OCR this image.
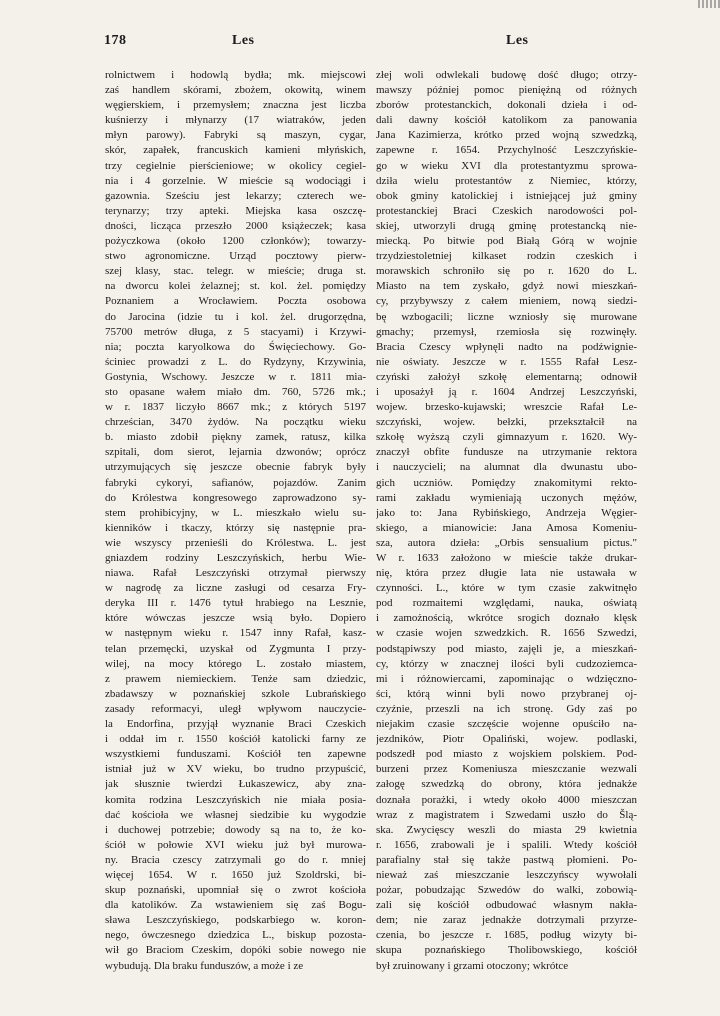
178	Les	Les

rolnictwem i hodowlą bydła; mk. miejscowi

zaś handlem skórami, zbożem, okowitą, winem

węgierskiem, i przemysłem; znaczna jest liczba

kuśnierzy i młynarzy (17 wiatraków, jeden

młyn parowy). Fabryki są maszyn, cygar,

skór, zapałek, francuskich kamieni młyńskich,

trzy cegielnie pierścieniowe; w okolicy cegiel-

nia i 4 gorzelnie. W mieście są wodociągi i

gazownia. Sześciu jest lekarzy; czterech we-

terynarzy; trzy apteki. Miejska kasa oszczę-

dności, licząca przeszło 2000 książeczek; kasa

pożyczkowa (około 1200 członków); towarzy-

stwo agronomiczne. Urząd pocztowy pierw-

szej klasy, stac. telegr. w mieście; druga st.

na dworcu kolei żelaznej; st. kol. żel. pomiędzy

Poznaniem a Wrocławiem. Poczta osobowa

do Jarocina (idzie tu i kol. żel. drugorzędna,

75700 metrów długa, z 5 stacyami) i Krzywi-

nia; poczta karyolkowa do Święciechowy. Go-

ściniec prowadzi z L. do Rydzyny, Krzywinia,

Gostynia, Wschowy. Jeszcze w r. 1811 mia-

sto opasane wałem miało dm. 760, 5726 mk.;

w r. 1837 liczyło 8667 mk.; z których 5197

chrześcian, 3470 żydów. Na początku wieku

b. miasto zdobił piękny zamek, ratusz, kilka

szpitali, dom sierot, lejarnia dzwonów; oprócz

utrzymujących się jeszcze obecnie fabryk były

fabryki cykoryi, safianów, pojazdów. Zanim

do Królestwa kongresowego zaprowadzono sy-

stem prohibicyjny, w L. mieszkało wielu su-

kienników i tkaczy, którzy się następnie pra-

wie wszyscy przenieśli do Królestwa. L. jest

gniazdem rodziny Leszczyńskich, herbu Wie-

niawa. Rafał Leszczyński otrzymał pierwszy

w nagrodę za liczne zasługi od cesarza Fry-

deryka III r. 1476 tytuł hrabiego na Lesznie,

które wówczas jeszcze wsią było. Dopiero

w następnym wieku r. 1547 inny Rafał, kasz-

telan przemęcki, uzyskał od Zygmunta I przy-

wilej, na mocy którego L. zostało miastem,

z prawem niemieckiem. Tenże sam dziedzic,

zbadawszy w poznańskiej szkole Lubrańskiego

zasady reformacyi, uległ wpływom nauczycie-

la Endorfina, przyjął wyznanie Braci Czeskich

i oddał im r. 1550 kościół katolicki farny ze

wszystkiemi funduszami. Kościół ten zapewne

istniał już w XV wieku, bo trudno przypuścić,

jak słusznie twierdzi Łukaszewicz, aby zna-

komita rodzina Leszczyńskich nie miała posia-

dać kościoła we własnej siedzibie ku wygodzie

i duchowej potrzebie; dowody są na to, że ko-

ściół w połowie XVI wieku już był murowa-

ny. Bracia czescy zatrzymali go do r. mniej

więcej 1654. W r. 1650 już Szoldrski, bi-

skup poznański, upomniał się o zwrot kościoła

dla katolików. Za wstawieniem się zaś Bogu-

sława Leszczyńskiego, podskarbiego w. koron-

nego, ówczesnego dziedzica L., biskup pozosta-

wił go Braciom Czeskim, dopóki sobie nowego nie

wybudują. Dla braku funduszów, a może i ze

złej woli odwlekali budowę dość długo; otrzy-

mawszy później pomoc pieniężną od różnych

zborów protestanckich, dokonali dzieła i od-

dali dawny kościół katolikom za panowania

Jana Kazimierza, krótko przed wojną szwedzką,

zapewne r. 1654. Przychylność Leszczyńskie-

go w wieku XVI dla protestantyzmu sprowa-

dziła wielu protestantów z Niemiec, którzy,

obok gminy katolickiej i istniejącej już gminy

protestanckiej Braci Czeskich narodowości pol-

skiej, utworzyli drugą gminę protestancką nie-

miecką. Po bitwie pod Białą Górą w wojnie

trzydziestoletniej kilkaset rodzin czeskich i

morawskich schroniło się po r. 1620 do L.

Miasto na tem zyskało, gdyż nowi mieszkań-

cy, przybywszy z całem mieniem, nową siedzi-

bę wzbogacili; liczne wzniosły się murowane

gmachy; przemysł, rzemiosła się rozwinęły.

Bracia Czescy wpłynęli nadto na podźwignie-

nie oświaty. Jeszcze w r. 1555 Rafał Lesz-

czyński założył szkołę elementarną; odnowił

i uposażył ją r. 1604 Andrzej Leszczyński,

wojew. brzesko-kujawski; wreszcie Rafał Le-

szczyński, wojew. bełzki, przekształcił na

szkołę wyższą czyli gimnazyum r. 1620. Wy-

znaczył obfite fundusze na utrzymanie rektora

i nauczycieli; na alumnat dla dwunastu ubo-

gich uczniów. Pomiędzy znakomitymi rekto-

rami zakładu wymieniają uczonych mężów,

jako to: Jana Rybińskiego, Andrzeja Węgier-

skiego, a mianowicie: Jana Amosa Komeniu-

sza, autora dzieła: „Orbis sensualium pictus."

W r. 1633 założono w mieście także drukar-

nię, która przez długie lata nie ustawała w

czynności. L., które w tym czasie zakwitnęło

pod rozmaitemi względami, nauka, oświatą

i zamożnością, wkrótce srogich doznało klęsk

w czasie wojen szwedzkich. R. 1656 Szwedzi,

podstąpiwszy pod miasto, zajęli je, a mieszkań-

cy, którzy w znacznej ilości byli cudzoziemca-

mi i różnowiercami, zapominając o wdzięczno-

ści, którą winni byli nowo przybranej oj-

czyźnie, przeszli na ich stronę. Gdy zaś po

niejakim czasie szczęście wojenne opuściło na-

jezdników, Piotr Opaliński, wojew. podlaski,

podszedł pod miasto z wojskiem polskiem. Pod-

burzeni przez Komeniusza mieszczanie wezwali

załogę szwedzką do obrony, która jednakże

doznała porażki, i wtedy około 4000 mieszczan

wraz z magistratem i Szwedami uszło do Šlą-

ska. Zwycięscy weszli do miasta 29 kwietnia

r. 1656, zrabowali je i spalili. Wtedy kościół

parafialny stał się także pastwą płomieni. Po-

nieważ zaś mieszczanie leszczyńscy wywołali

pożar, pobudzając Szwedów do walki, zobowią-

zali się kościół odbudować własnym nakła-

dem; nie zaraz jednakże dotrzymali przyrze-

czenia, bo jeszcze r. 1685, podług wizyty bi-

skupa poznańskiego Tholibowskiego, kościół

był zruinowany i grzami otoczony; wkrótce
